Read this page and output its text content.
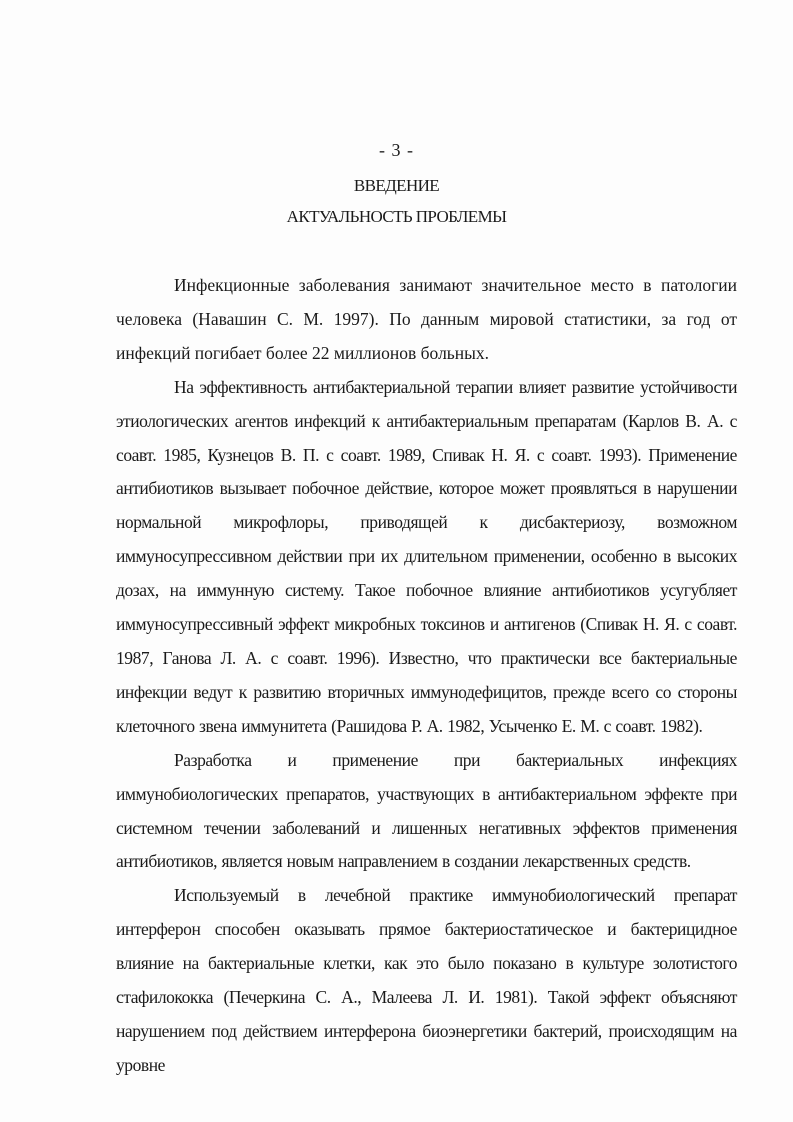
- 3 -
ВВЕДЕНИЕ
АКТУАЛЬНОСТЬ ПРОБЛЕМЫ

Инфекционные заболевания занимают значительное место в патологии человека (Навашин С. М. 1997). По данным мировой статистики, за год от инфекций погибает более 22 миллионов больных.

На эффективность антибактериальной терапии влияет развитие устойчивости этиологических агентов инфекций к антибактериальным препаратам (Карлов В. А. с соавт. 1985, Кузнецов В. П. с соавт. 1989, Спивак Н. Я. с соавт. 1993). Применение антибиотиков вызывает побочное действие, которое может проявляться в нарушении нормальной микрофлоры, приводящей к дисбактериозу, возможном иммуносупрессивном действии при их длительном применении, особенно в высоких дозах, на иммунную систему. Такое побочное влияние антибиотиков усугубляет иммуносупрессивный эффект микробных токсинов и антигенов (Спивак Н. Я. с соавт. 1987, Ганова Л. А. с соавт. 1996). Известно, что практически все бактериальные инфекции ведут к развитию вторичных иммунодефицитов, прежде всего со стороны клеточного звена иммунитета (Рашидова Р. А. 1982, Усыченко Е. М. с соавт. 1982).

Разработка и применение при бактериальных инфекциях иммунобиологических препаратов, участвующих в антибактериальном эффекте при системном течении заболеваний и лишенных негативных эффектов применения антибиотиков, является новым направлением в создании лекарственных средств.

Используемый в лечебной практике иммунобиологический препарат интерферон способен оказывать прямое бактериостатическое и бактерицидное влияние на бактериальные клетки, как это было показано в культуре золотистого стафилококка (Печеркина С. А., Малеева Л. И. 1981). Такой эффект объясняют нарушением под действием интерферона биоэнергетики бактерий, происходящим на уровне
